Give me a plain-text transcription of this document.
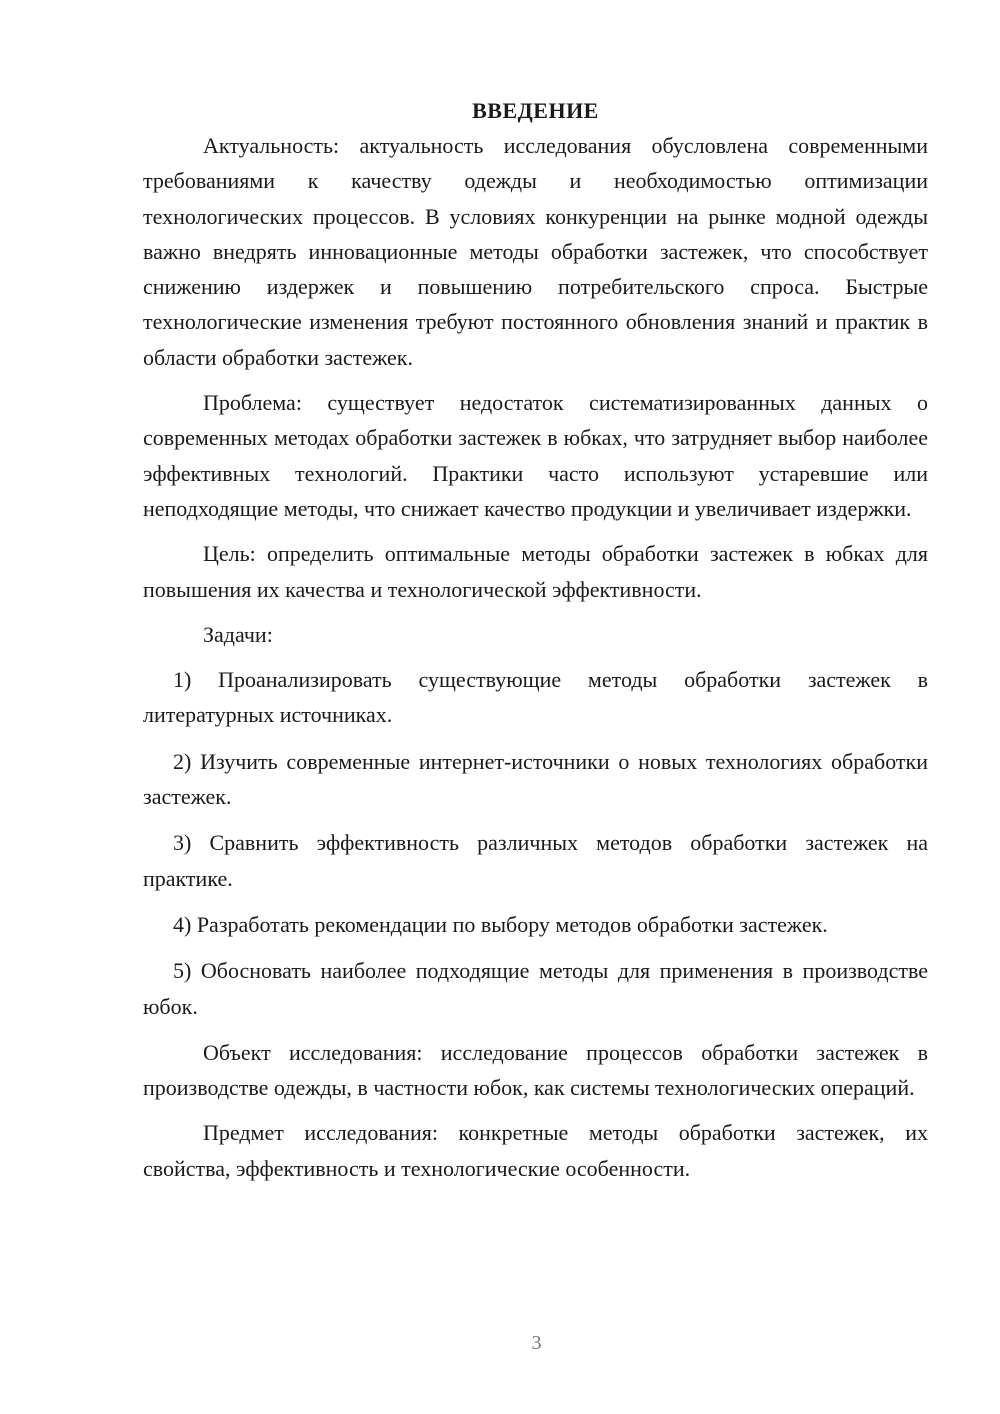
ВВЕДЕНИЕ

Актуальность: актуальность исследования обусловлена современными требованиями к качеству одежды и необходимостью оптимизации технологических процессов. В условиях конкуренции на рынке модной одежды важно внедрять инновационные методы обработки застежек, что способствует снижению издержек и повышению потребительского спроса. Быстрые технологические изменения требуют постоянного обновления знаний и практик в области обработки застежек.

Проблема: существует недостаток систематизированных данных о современных методах обработки застежек в юбках, что затрудняет выбор наиболее эффективных технологий. Практики часто используют устаревшие или неподходящие методы, что снижает качество продукции и увеличивает издержки.

Цель: определить оптимальные методы обработки застежек в юбках для повышения их качества и технологической эффективности.

Задачи:

1) Проанализировать существующие методы обработки застежек в литературных источниках.

2) Изучить современные интернет-источники о новых технологиях обработки застежек.

3) Сравнить эффективность различных методов обработки застежек на практике.

4) Разработать рекомендации по выбору методов обработки застежек.

5) Обосновать наиболее подходящие методы для применения в производстве юбок.

Объект исследования: исследование процессов обработки застежек в производстве одежды, в частности юбок, как системы технологических операций.

Предмет исследования: конкретные методы обработки застежек, их свойства, эффективность и технологические особенности.

3
